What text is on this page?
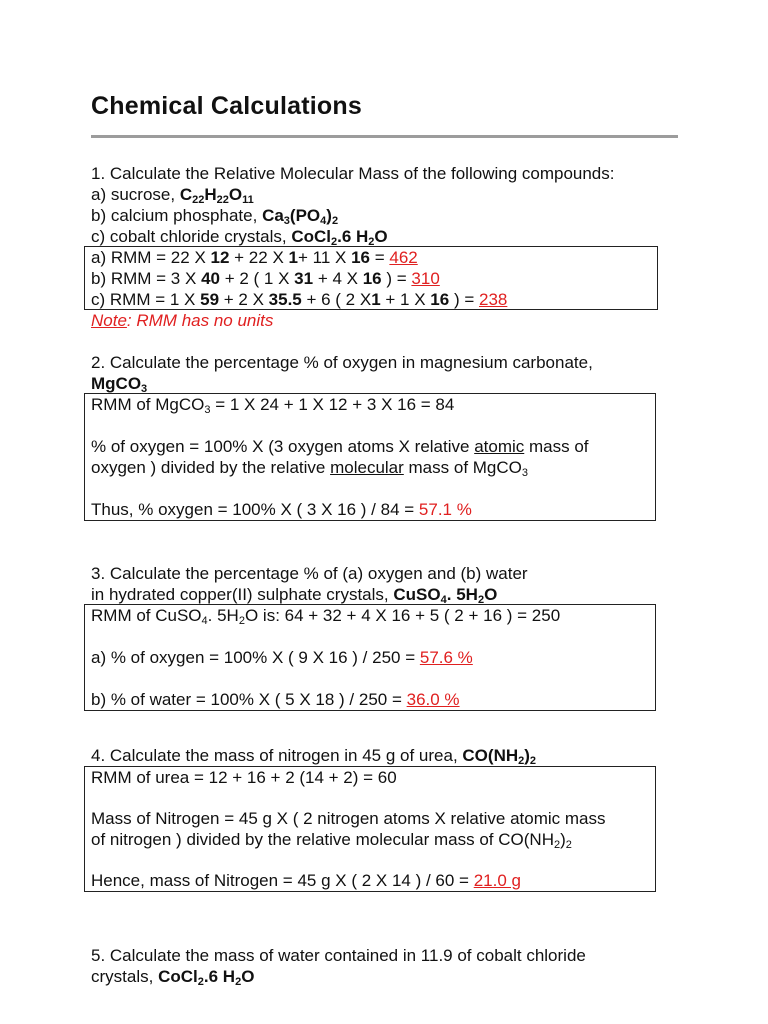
Chemical Calculations
1. Calculate the Relative Molecular Mass of the following compounds:
a) sucrose, $C_{22}H_{22}O_{11}$
b) calcium phosphate, $Ca_3(PO_4)_2$
c) cobalt chloride crystals, CoCl$_2$.6 $H_2O$
a) RMM = 22 X 12 + 22 X 1+ 11 X 16 = 462
b) RMM = 3 X 40 + 2 ( 1 X 31 + 4 X 16 ) = 310
c) RMM = 1 X 59 + 2 X 35.5 + 6 ( 2 X1 + 1 X 16 ) = 238
Note: RMM has no units
2. Calculate the percentage % of oxygen in magnesium carbonate,
MgCO$_3$
RMM of MgCO$_3$ = 1 X 24 + 1 X 12 + 3 X 16 = 84
% of oxygen = 100% X (3 oxygen atoms X relative atomic mass of
oxygen ) divided by the relative molecular mass of MgCO$_3$
Thus, % oxygen = 100% X ( 3 X 16 ) / 84 = 57.1 %
3. Calculate the percentage % of (a) oxygen and (b) water
in hydrated copper(II) sulphate crystals, CuSO$_4$. $5H_2O$
RMM of CuSO$_4$. $5H_2O$ is: 64 + 32 + 4 X 16 + 5 ( 2 + 16 ) = 250
a) % of oxygen = 100% X ( 9 X 16 ) / 250 = 57.6 %
b) % of water = 100% X ( 5 X 18 ) / 250 = 36.0 %
4. Calculate the mass of nitrogen in 45 g of urea, $CO(NH_2)_2$
RMM of urea = 12 + 16 + 2 (14 + 2) = 60
Mass of Nitrogen = 45 g X ( 2 nitrogen atoms X relative atomic mass
of nitrogen ) divided by the relative molecular mass of $CO(NH_2)_2$
Hence, mass of Nitrogen = 45 g X ( 2 X 14 ) / 60 = 21.0 g
5. Calculate the mass of water contained in 11.9 of cobalt chloride
crystals, CoCl$_2$.6 $H_2O$
